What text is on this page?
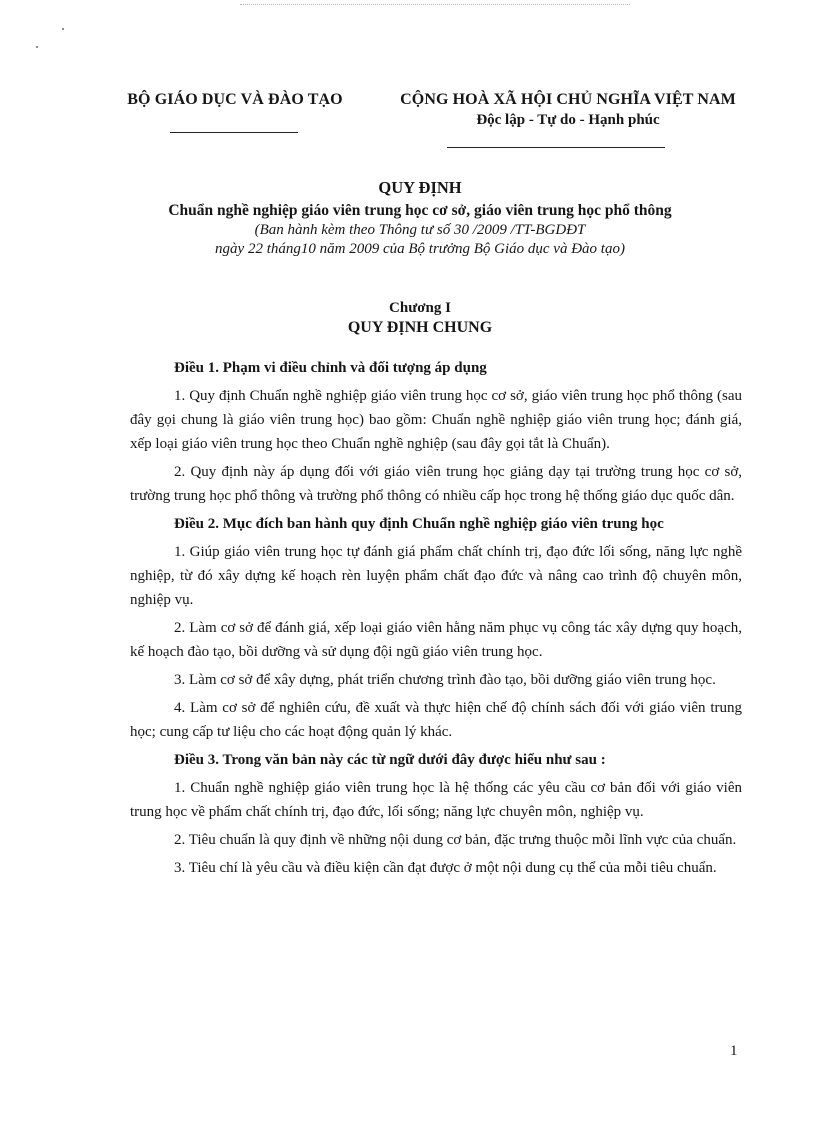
BỘ GIÁO DỤC VÀ ĐÀO TẠO	CỘNG HOÀ XÃ HỘI CHỦ NGHĨA VIỆT NAM
Độc lập - Tự do - Hạnh phúc
QUY ĐỊNH
Chuẩn nghề nghiệp giáo viên trung học cơ sở, giáo viên trung học phổ thông
(Ban hành kèm theo Thông tư số 30 /2009 /TT-BGDĐT
ngày 22 tháng10 năm 2009 của Bộ trưởng Bộ Giáo dục và Đào tạo)
Chương I
QUY ĐỊNH CHUNG
Điều 1. Phạm vi điều chỉnh và đối tượng áp dụng

1. Quy định Chuẩn nghề nghiệp giáo viên trung học cơ sở, giáo viên trung học phổ thông (sau đây gọi chung là giáo viên trung học) bao gồm: Chuẩn nghề nghiệp giáo viên trung học; đánh giá, xếp loại giáo viên trung học theo Chuẩn nghề nghiệp (sau đây gọi tắt là Chuẩn).

2. Quy định này áp dụng đối với giáo viên trung học giảng dạy tại trường trung học cơ sở, trường trung học phổ thông và trường phổ thông có nhiều cấp học trong hệ thống giáo dục quốc dân.

Điều 2. Mục đích ban hành quy định Chuẩn nghề nghiệp giáo viên trung học

1. Giúp giáo viên trung học tự đánh giá phẩm chất chính trị, đạo đức lối sống, năng lực nghề nghiệp, từ đó xây dựng kế hoạch rèn luyện phẩm chất đạo đức và nâng cao trình độ chuyên môn, nghiệp vụ.

2. Làm cơ sở để đánh giá, xếp loại giáo viên hằng năm phục vụ công tác xây dựng quy hoạch, kế hoạch đào tạo, bồi dưỡng và sử dụng đội ngũ giáo viên trung học.

3. Làm cơ sở để xây dựng, phát triển chương trình đào tạo, bồi dưỡng giáo viên trung học.

4. Làm cơ sở để nghiên cứu, đề xuất và thực hiện chế độ chính sách đối với giáo viên trung học; cung cấp tư liệu cho các hoạt động quản lý khác.

Điều 3. Trong văn bản này các từ ngữ dưới đây được hiểu như sau :

1. Chuẩn nghề nghiệp giáo viên trung học là hệ thống các yêu cầu cơ bản đối với giáo viên trung học về phẩm chất chính trị, đạo đức, lối sống; năng lực chuyên môn, nghiệp vụ.

2. Tiêu chuẩn là quy định về những nội dung cơ bản, đặc trưng thuộc mỗi lĩnh vực của chuẩn.

3. Tiêu chí là yêu cầu và điều kiện cần đạt được ở một nội dung cụ thể của mỗi tiêu chuẩn.

1
